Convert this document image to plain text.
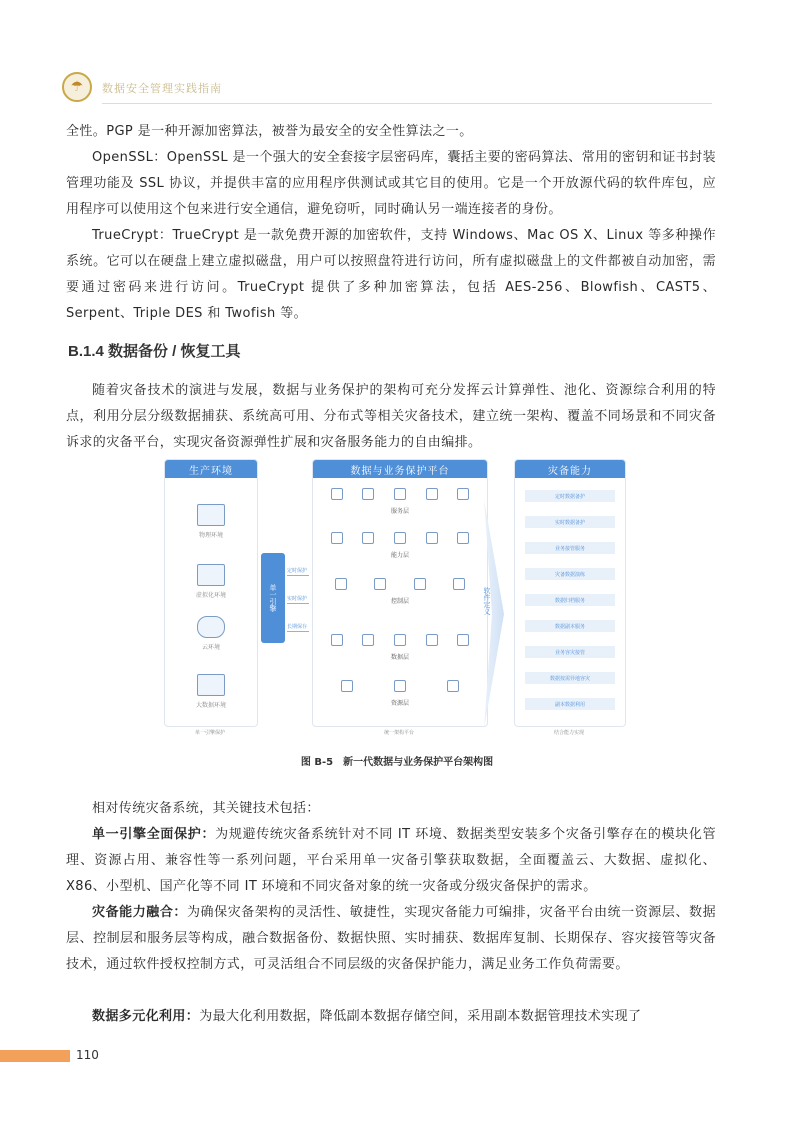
☂	数据安全管理实践指南

全性。PGP 是一种开源加密算法，被誉为最安全的安全性算法之一。

OpenSSL：OpenSSL 是一个强大的安全套接字层密码库，囊括主要的密码算法、常用的密钥和证书封装管理功能及 SSL 协议，并提供丰富的应用程序供测试或其它目的使用。它是一个开放源代码的软件库包，应用程序可以使用这个包来进行安全通信，避免窃听，同时确认另一端连接者的身份。

TrueCrypt：TrueCrypt 是一款免费开源的加密软件，支持 Windows、Mac OS X、Linux 等多种操作系统。它可以在硬盘上建立虚拟磁盘，用户可以按照盘符进行访问，所有虚拟磁盘上的文件都被自动加密，需要通过密码来进行访问。TrueCrypt 提供了多种加密算法，包括 AES-256、Blowfish、CAST5、Serpent、Triple DES 和 Twofish 等。

B.1.4 数据备份 / 恢复工具

随着灾备技术的演进与发展，数据与业务保护的架构可充分发挥云计算弹性、池化、资源综合利用的特点，利用分层分级数据捕获、系统高可用、分布式等相关灾备技术，建立统一架构、覆盖不同场景和不同灾备诉求的灾备平台，实现灾备资源弹性扩展和灾备服务能力的自由编排。

生产环境
物理环境
虚拟化环境
云环境
大数据环境
单一引擎保护
单一引擎
定时保护
实时保护
长期保存
数据与业务保护平台
服务层
能力层
控制层
数据层
资源层
统一架构平台
软件定义
灾备能力
定时数据备护
实时数据备护
业务接管服务
灾备数据演练
数据归档服务
数据副本服务
业务容灾接管
数据按需异地容灾
副本数据利用
结合能力实现
图 B-5　新一代数据与业务保护平台架构图

相对传统灾备系统，其关键技术包括：

单一引擎全面保护：为规避传统灾备系统针对不同 IT 环境、数据类型安装多个灾备引擎存在的模块化管理、资源占用、兼容性等一系列问题，平台采用单一灾备引擎获取数据，全面覆盖云、大数据、虚拟化、X86、小型机、国产化等不同 IT 环境和不同灾备对象的统一灾备或分级灾备保护的需求。

灾备能力融合：为确保灾备架构的灵活性、敏捷性，实现灾备能力可编排，灾备平台由统一资源层、数据层、控制层和服务层等构成，融合数据备份、数据快照、实时捕获、数据库复制、长期保存、容灾接管等灾备技术，通过软件授权控制方式，可灵活组合不同层级的灾备保护能力，满足业务工作负荷需要。

数据多元化利用：为最大化利用数据，降低副本数据存储空间，采用副本数据管理技术实现了

110
